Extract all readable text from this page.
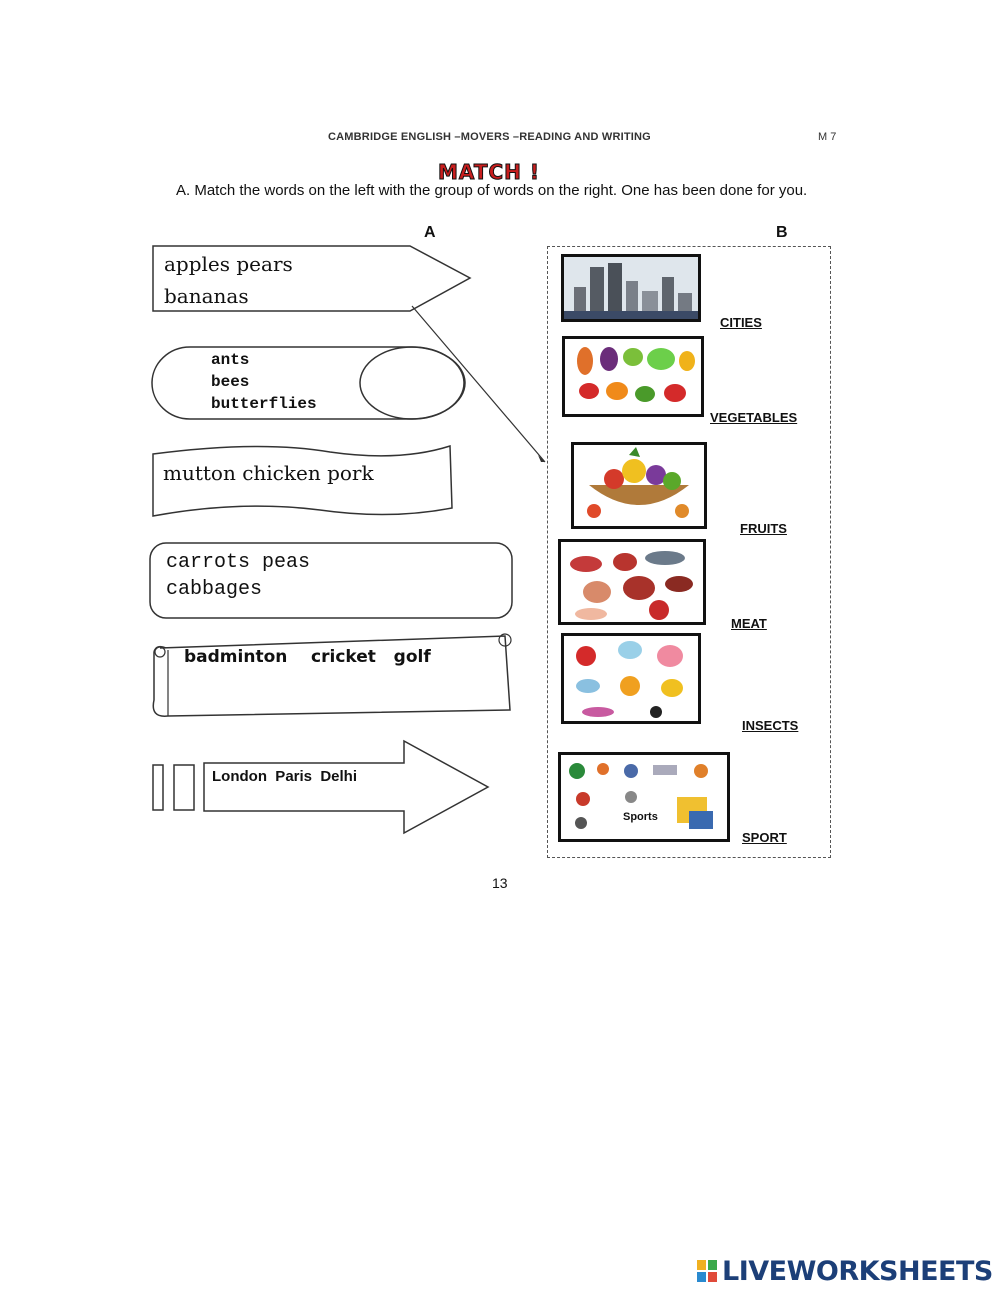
CAMBRIDGE ENGLISH –MOVERS –READING AND WRITING	M 7
MATCH !
A. Match the words on the left with the group of words on the right. One has been done for you.
A	B
apples pears
bananas
ants
bees
butterflies
mutton chicken pork
carrots peas
cabbages
badminton    cricket   golf
London  Paris  Delhi
CITIES
VEGETABLES
FRUITS
MEAT
INSECTS
Sports
SPORT
13
LIVEWORKSHEETS
